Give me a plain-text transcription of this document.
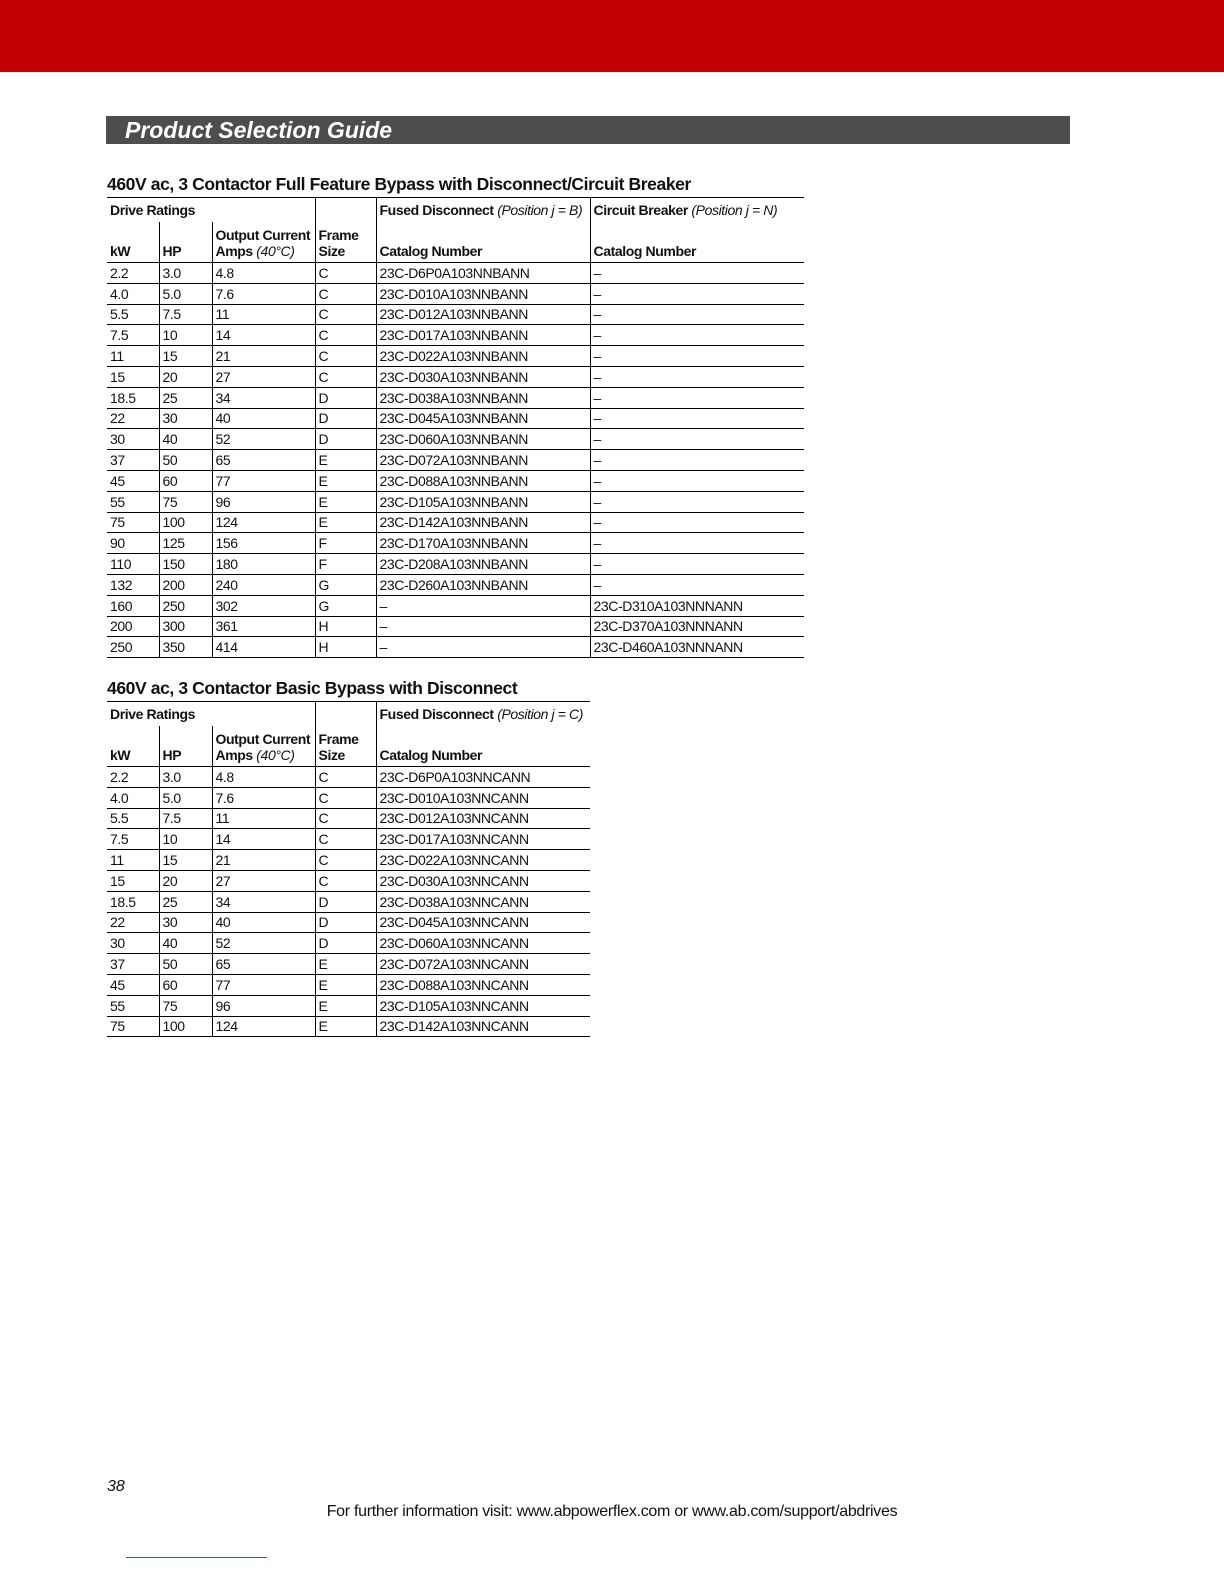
Product Selection Guide
460V ac, 3 Contactor Full Feature Bypass with Disconnect/Circuit Breaker
Drive Ratings				Fused Disconnect (Position j = B)	Circuit Breaker (Position j = N)
kW	HP	Output Current
Amps (40°C)	Frame
Size	Catalog Number	Catalog Number
2.2	3.0	4.8	C	23C-D6P0A103NNBANN	–
4.0	5.0	7.6	C	23C-D010A103NNBANN	–
5.5	7.5	11	C	23C-D012A103NNBANN	–
7.5	10	14	C	23C-D017A103NNBANN	–
11	15	21	C	23C-D022A103NNBANN	–
15	20	27	C	23C-D030A103NNBANN	–
18.5	25	34	D	23C-D038A103NNBANN	–
22	30	40	D	23C-D045A103NNBANN	–
30	40	52	D	23C-D060A103NNBANN	–
37	50	65	E	23C-D072A103NNBANN	–
45	60	77	E	23C-D088A103NNBANN	–
55	75	96	E	23C-D105A103NNBANN	–
75	100	124	E	23C-D142A103NNBANN	–
90	125	156	F	23C-D170A103NNBANN	–
110	150	180	F	23C-D208A103NNBANN	–
132	200	240	G	23C-D260A103NNBANN	–
160	250	302	G	–	23C-D310A103NNNANN
200	300	361	H	–	23C-D370A103NNNANN
250	350	414	H	–	23C-D460A103NNNANN
460V ac, 3 Contactor Basic Bypass with Disconnect
Drive Ratings				Fused Disconnect (Position j = C)
kW	HP	Output Current
Amps (40°C)	Frame
Size	Catalog Number
2.2	3.0	4.8	C	23C-D6P0A103NNCANN
4.0	5.0	7.6	C	23C-D010A103NNCANN
5.5	7.5	11	C	23C-D012A103NNCANN
7.5	10	14	C	23C-D017A103NNCANN
11	15	21	C	23C-D022A103NNCANN
15	20	27	C	23C-D030A103NNCANN
18.5	25	34	D	23C-D038A103NNCANN
22	30	40	D	23C-D045A103NNCANN
30	40	52	D	23C-D060A103NNCANN
37	50	65	E	23C-D072A103NNCANN
45	60	77	E	23C-D088A103NNCANN
55	75	96	E	23C-D105A103NNCANN
75	100	124	E	23C-D142A103NNCANN
38
For further information visit: www.abpowerflex.com or www.ab.com/support/abdrives
